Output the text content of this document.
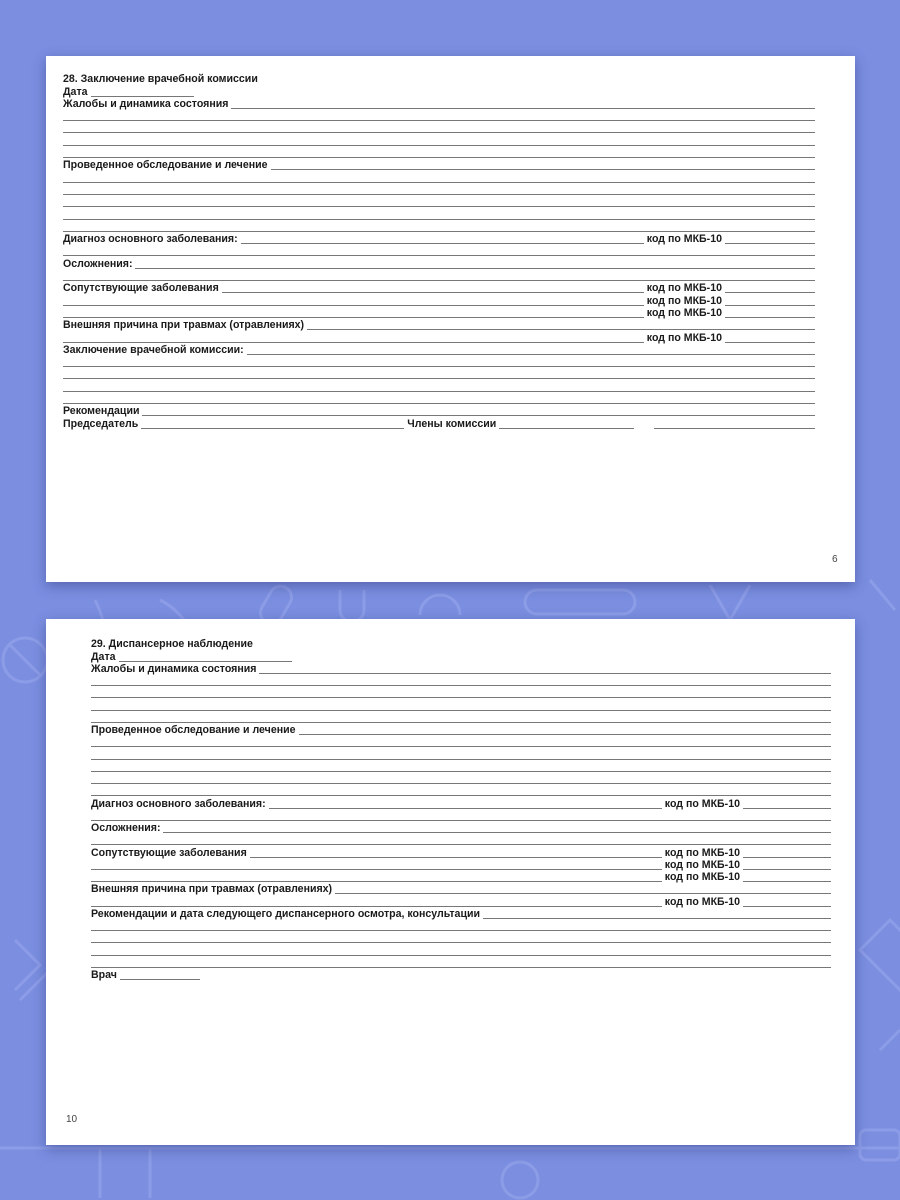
28. Заключение врачебной комиссии
Дата
Жалобы и динамика состояния
Проведенное обследование и лечение
Диагноз основного заболевания:	код по МКБ-10
Осложнения:
Сопутствующие заболевания	код по МКБ-10
код по МКБ-10
код по МКБ-10
Внешняя причина при травмах (отравлениях)
код по МКБ-10
Заключение врачебной комиссии:
Рекомендации
Председатель	Члены комиссии
9
29. Диспансерное наблюдение
Дата
Жалобы и динамика состояния
Проведенное обследование и лечение
Диагноз основного заболевания:	код по МКБ-10
Осложнения:
Сопутствующие заболевания	код по МКБ-10
код по МКБ-10
код по МКБ-10
Внешняя причина при травмах (отравлениях)
код по МКБ-10
Рекомендации и дата следующего диспансерного осмотра, консультации
Врач
10
